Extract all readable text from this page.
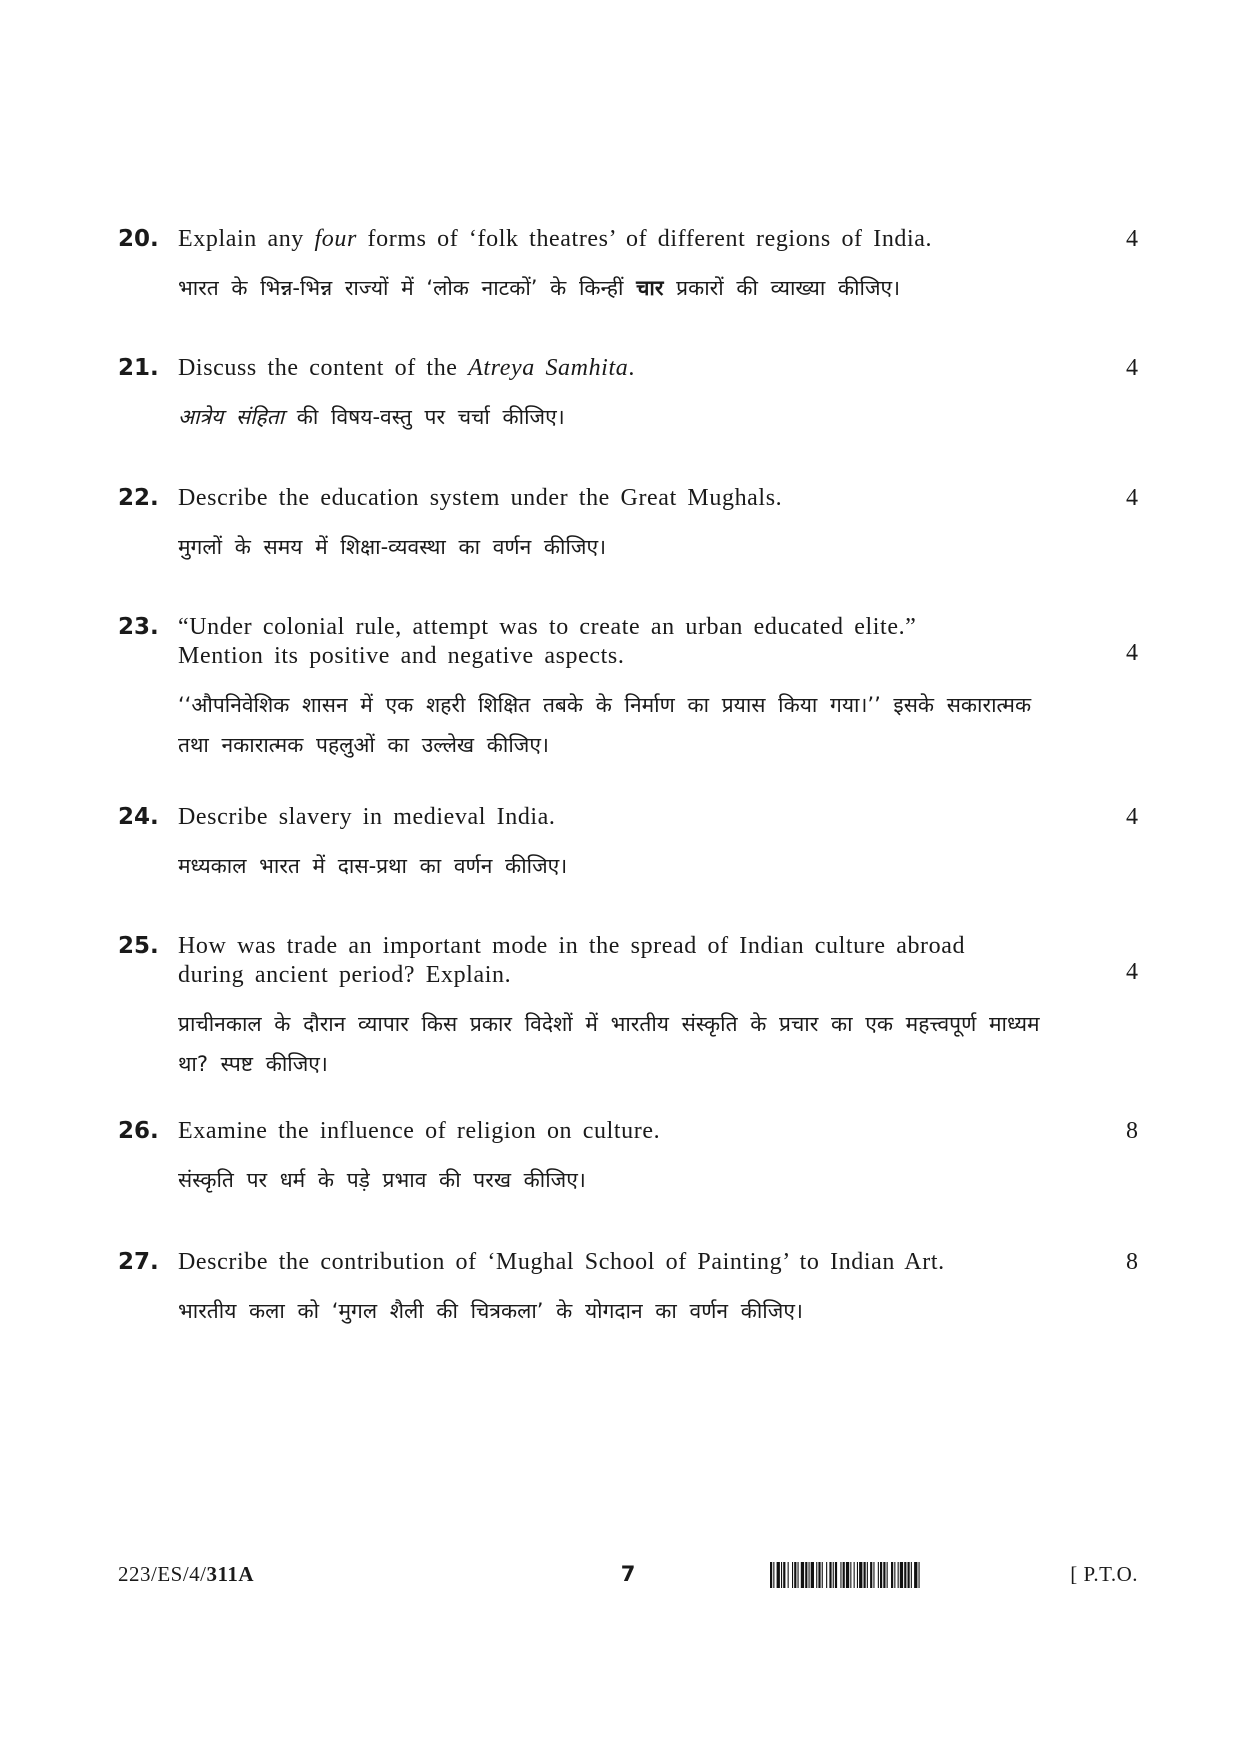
20. Explain any four forms of ‘folk theatres’ of different regions of India.	4
भारत के भिन्न-भिन्न राज्यों में ‘लोक नाटकों’ के किन्हीं चार प्रकारों की व्याख्या कीजिए।
21. Discuss the content of the Atreya Samhita.	4
आत्रेय संहिता की विषय-वस्तु पर चर्चा कीजिए।
22. Describe the education system under the Great Mughals.	4
मुगलों के समय में शिक्षा-व्यवस्था का वर्णन कीजिए।
23. “Under colonial rule, attempt was to create an urban educated elite.”
Mention its positive and negative aspects.	4
‘‘औपनिवेशिक शासन में एक शहरी शिक्षित तबके के निर्माण का प्रयास किया गया।’’ इसके सकारात्मक
तथा नकारात्मक पहलुओं का उल्लेख कीजिए।
24. Describe slavery in medieval India.	4
मध्यकाल भारत में दास-प्रथा का वर्णन कीजिए।
25. How was trade an important mode in the spread of Indian culture abroad
during ancient period? Explain.	4
प्राचीनकाल के दौरान व्यापार किस प्रकार विदेशों में भारतीय संस्कृति के प्रचार का एक महत्त्वपूर्ण माध्यम
था? स्पष्ट कीजिए।
26. Examine the influence of religion on culture.	8
संस्कृति पर धर्म के पड़े प्रभाव की परख कीजिए।
27. Describe the contribution of ‘Mughal School of Painting’ to Indian Art.	8
भारतीय कला को ‘मुगल शैली की चित्रकला’ के योगदान का वर्णन कीजिए।
223/ES/4/311A	7	[ P.T.O.
